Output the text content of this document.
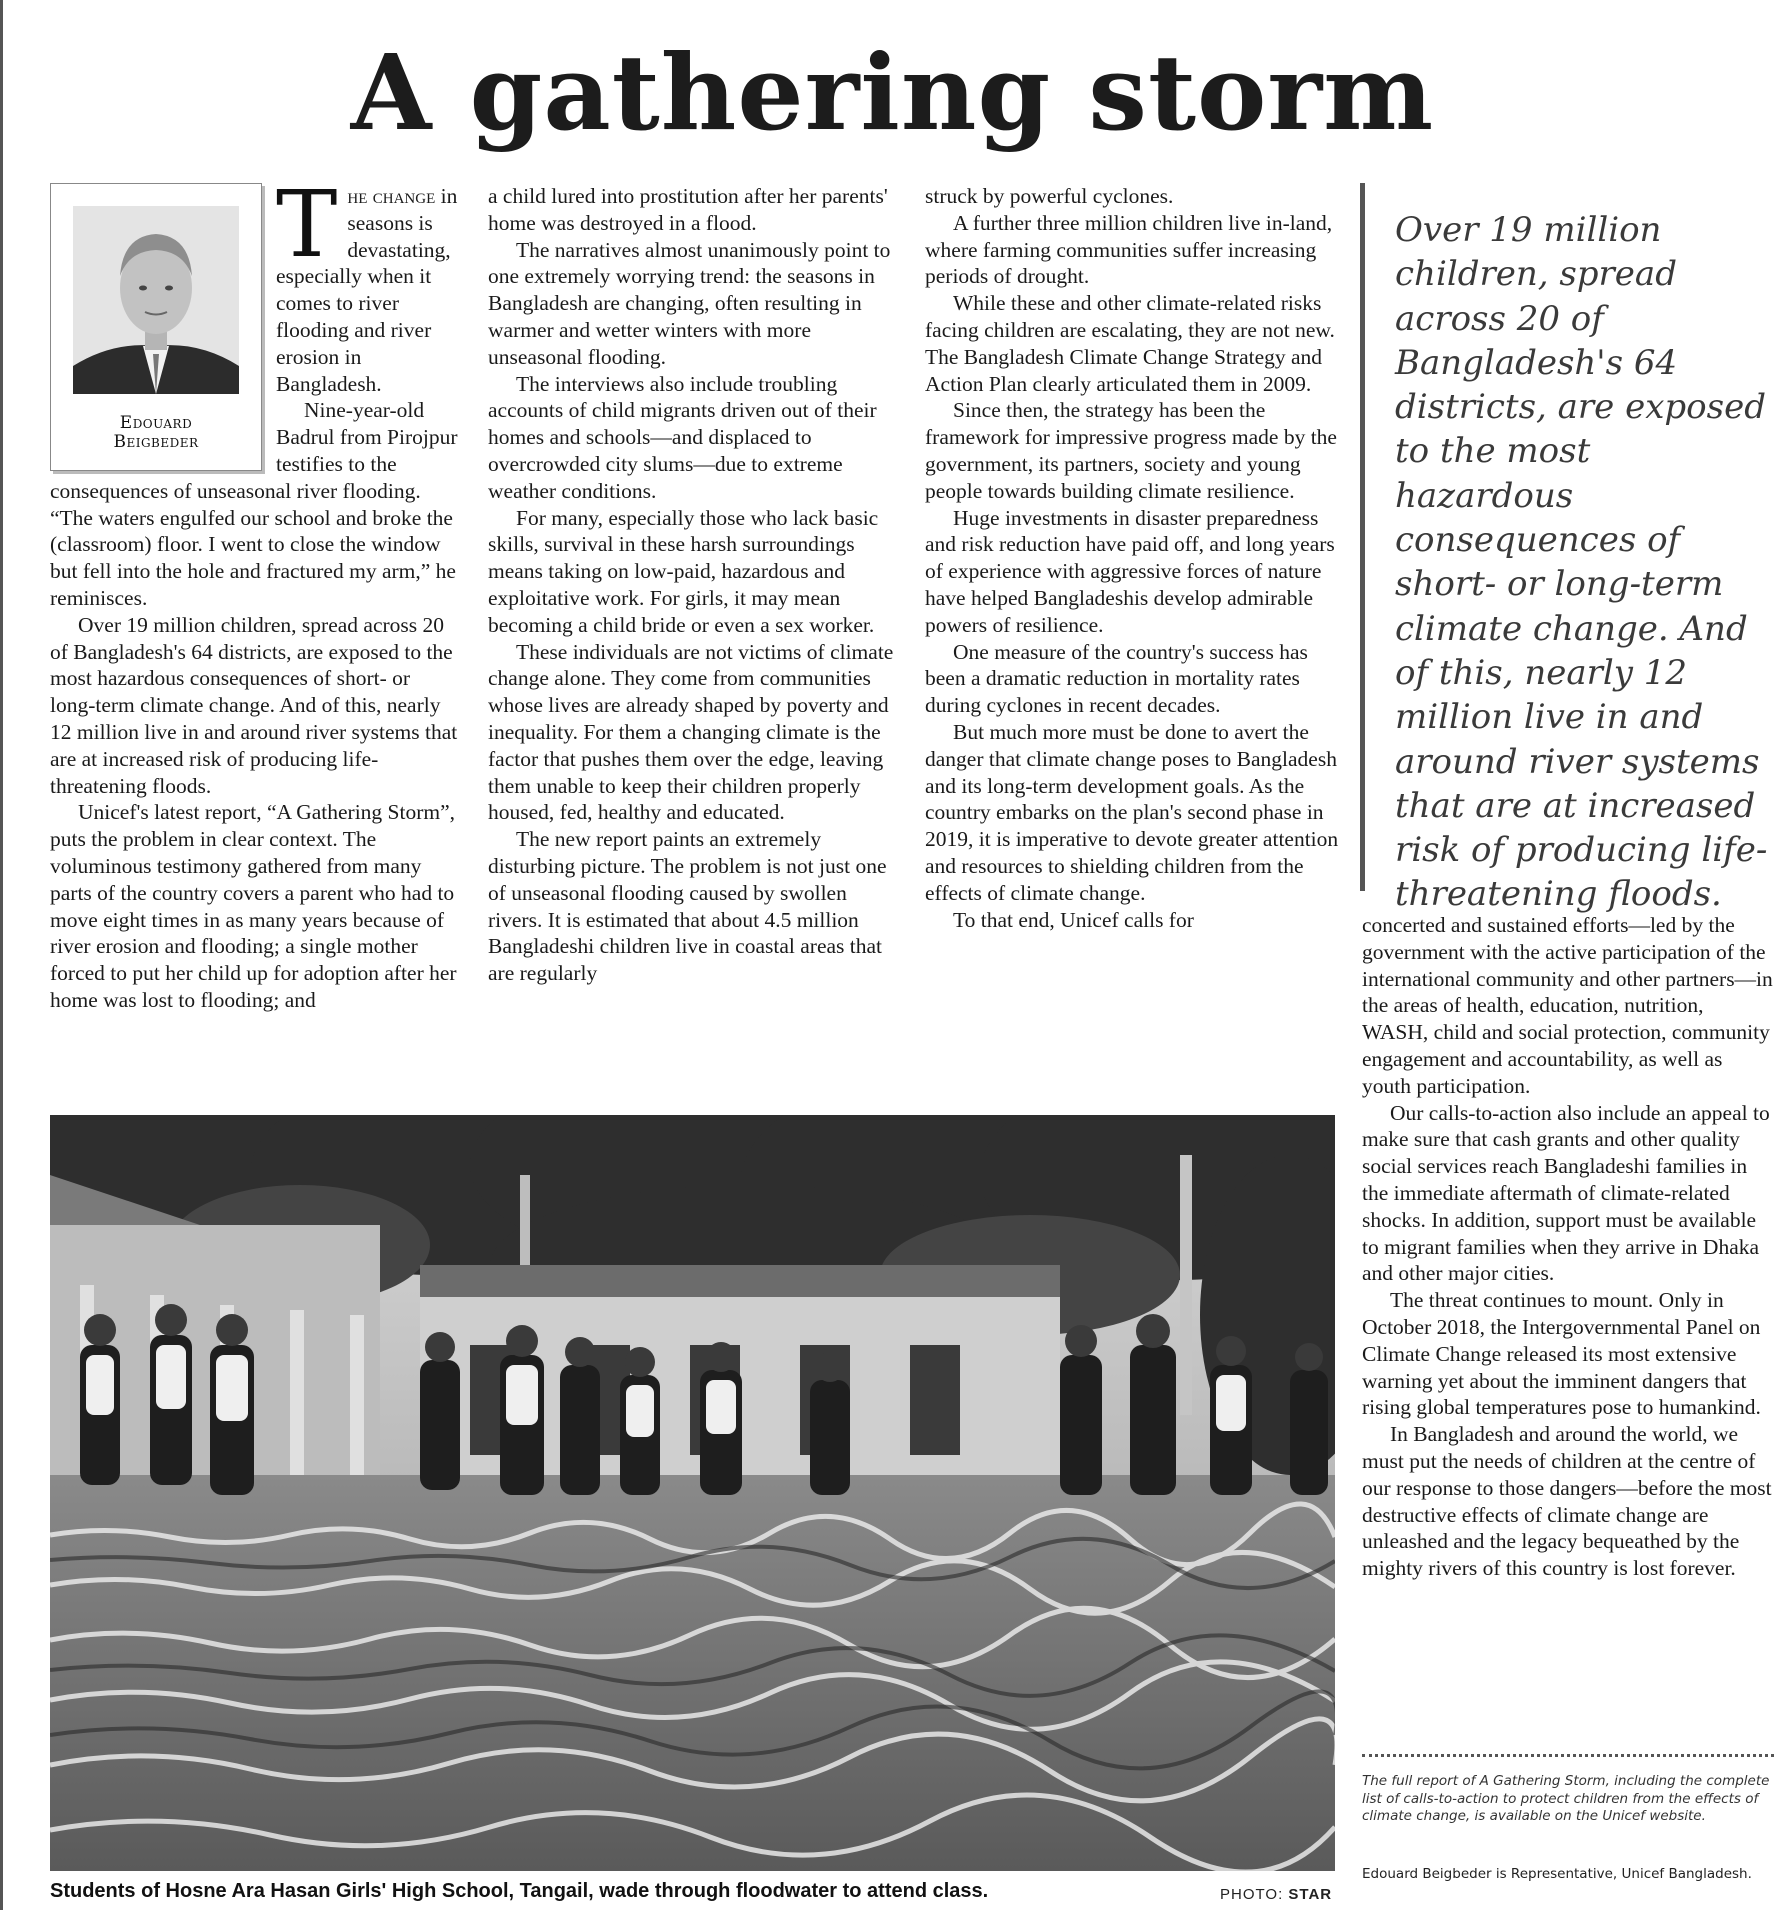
A gathering storm
Edouard
Beigbeder
T he change in seasons is devastating, especially when it comes to river flooding and river erosion in Bangladesh.

Nine-year-old Badrul from Pirojpur testifies to the consequences of unseasonal river flooding. “The waters engulfed our school and broke the (classroom) floor. I went to close the window but fell into the hole and fractured my arm,” he reminisces.

Over 19 million children, spread across 20 of Bangladesh's 64 districts, are exposed to the most hazardous consequences of short- or long-term climate change. And of this, nearly 12 million live in and around river systems that are at increased risk of producing life-threatening floods.

Unicef's latest report, “A Gathering Storm”, puts the problem in clear context. The voluminous testimony gathered from many parts of the country covers a parent who had to move eight times in as many years because of river erosion and flooding; a single mother forced to put her child up for adoption after her home was lost to flooding; and

a child lured into prostitution after her parents' home was destroyed in a flood.

The narratives almost unanimously point to one extremely worrying trend: the seasons in Bangladesh are changing, often resulting in warmer and wetter winters with more unseasonal flooding.

The interviews also include troubling accounts of child migrants driven out of their homes and schools—and displaced to overcrowded city slums—due to extreme weather conditions.

For many, especially those who lack basic skills, survival in these harsh surroundings means taking on low-paid, hazardous and exploitative work. For girls, it may mean becoming a child bride or even a sex worker.

These individuals are not victims of climate change alone. They come from communities whose lives are already shaped by poverty and inequality. For them a changing climate is the factor that pushes them over the edge, leaving them unable to keep their children properly housed, fed, healthy and educated.

The new report paints an extremely disturbing picture. The problem is not just one of unseasonal flooding caused by swollen rivers. It is estimated that about 4.5 million Bangladeshi children live in coastal areas that are regularly

struck by powerful cyclones.

A further three million children live in-land, where farming communities suffer increasing periods of drought.

While these and other climate-related risks facing children are escalating, they are not new. The Bangladesh Climate Change Strategy and Action Plan clearly articulated them in 2009.

Since then, the strategy has been the framework for impressive progress made by the government, its partners, society and young people towards building climate resilience.

Huge investments in disaster preparedness and risk reduction have paid off, and long years of experience with aggressive forces of nature have helped Bangladeshis develop admirable powers of resilience.

One measure of the country's success has been a dramatic reduction in mortality rates during cyclones in recent decades.

But much more must be done to avert the danger that climate change poses to Bangladesh and its long-term development goals. As the country embarks on the plan's second phase in 2019, it is imperative to devote greater attention and resources to shielding children from the effects of climate change.

To that end, Unicef calls for

Over 19 million children, spread across 20 of Bangladesh's 64 districts, are exposed to the most hazardous consequences of short- or long-term climate change. And of this, nearly 12 million live in and around river systems that are at increased risk of producing life-threatening floods.

concerted and sustained efforts—led by the government with the active participation of the international community and other partners—in the areas of health, education, nutrition, WASH, child and social protection, community engagement and accountability, as well as youth participation.

Our calls-to-action also include an appeal to make sure that cash grants and other quality social services reach Bangladeshi families in the immediate aftermath of climate-related shocks. In addition, support must be available to migrant families when they arrive in Dhaka and other major cities.

The threat continues to mount. Only in October 2018, the Intergovernmental Panel on Climate Change released its most extensive warning yet about the imminent dangers that rising global temperatures pose to humankind.

In Bangladesh and around the world, we must put the needs of children at the centre of our response to those dangers—before the most destructive effects of climate change are unleashed and the legacy bequeathed by the mighty rivers of this country is lost forever.

Students of Hosne Ara Hasan Girls' High School, Tangail, wade through floodwater to attend class.	PHOTO: STAR

The full report of A Gathering Storm, including the complete list of calls-to-action to protect children from the effects of climate change, is available on the Unicef website.

Edouard Beigbeder is Representative, Unicef Bangladesh.
